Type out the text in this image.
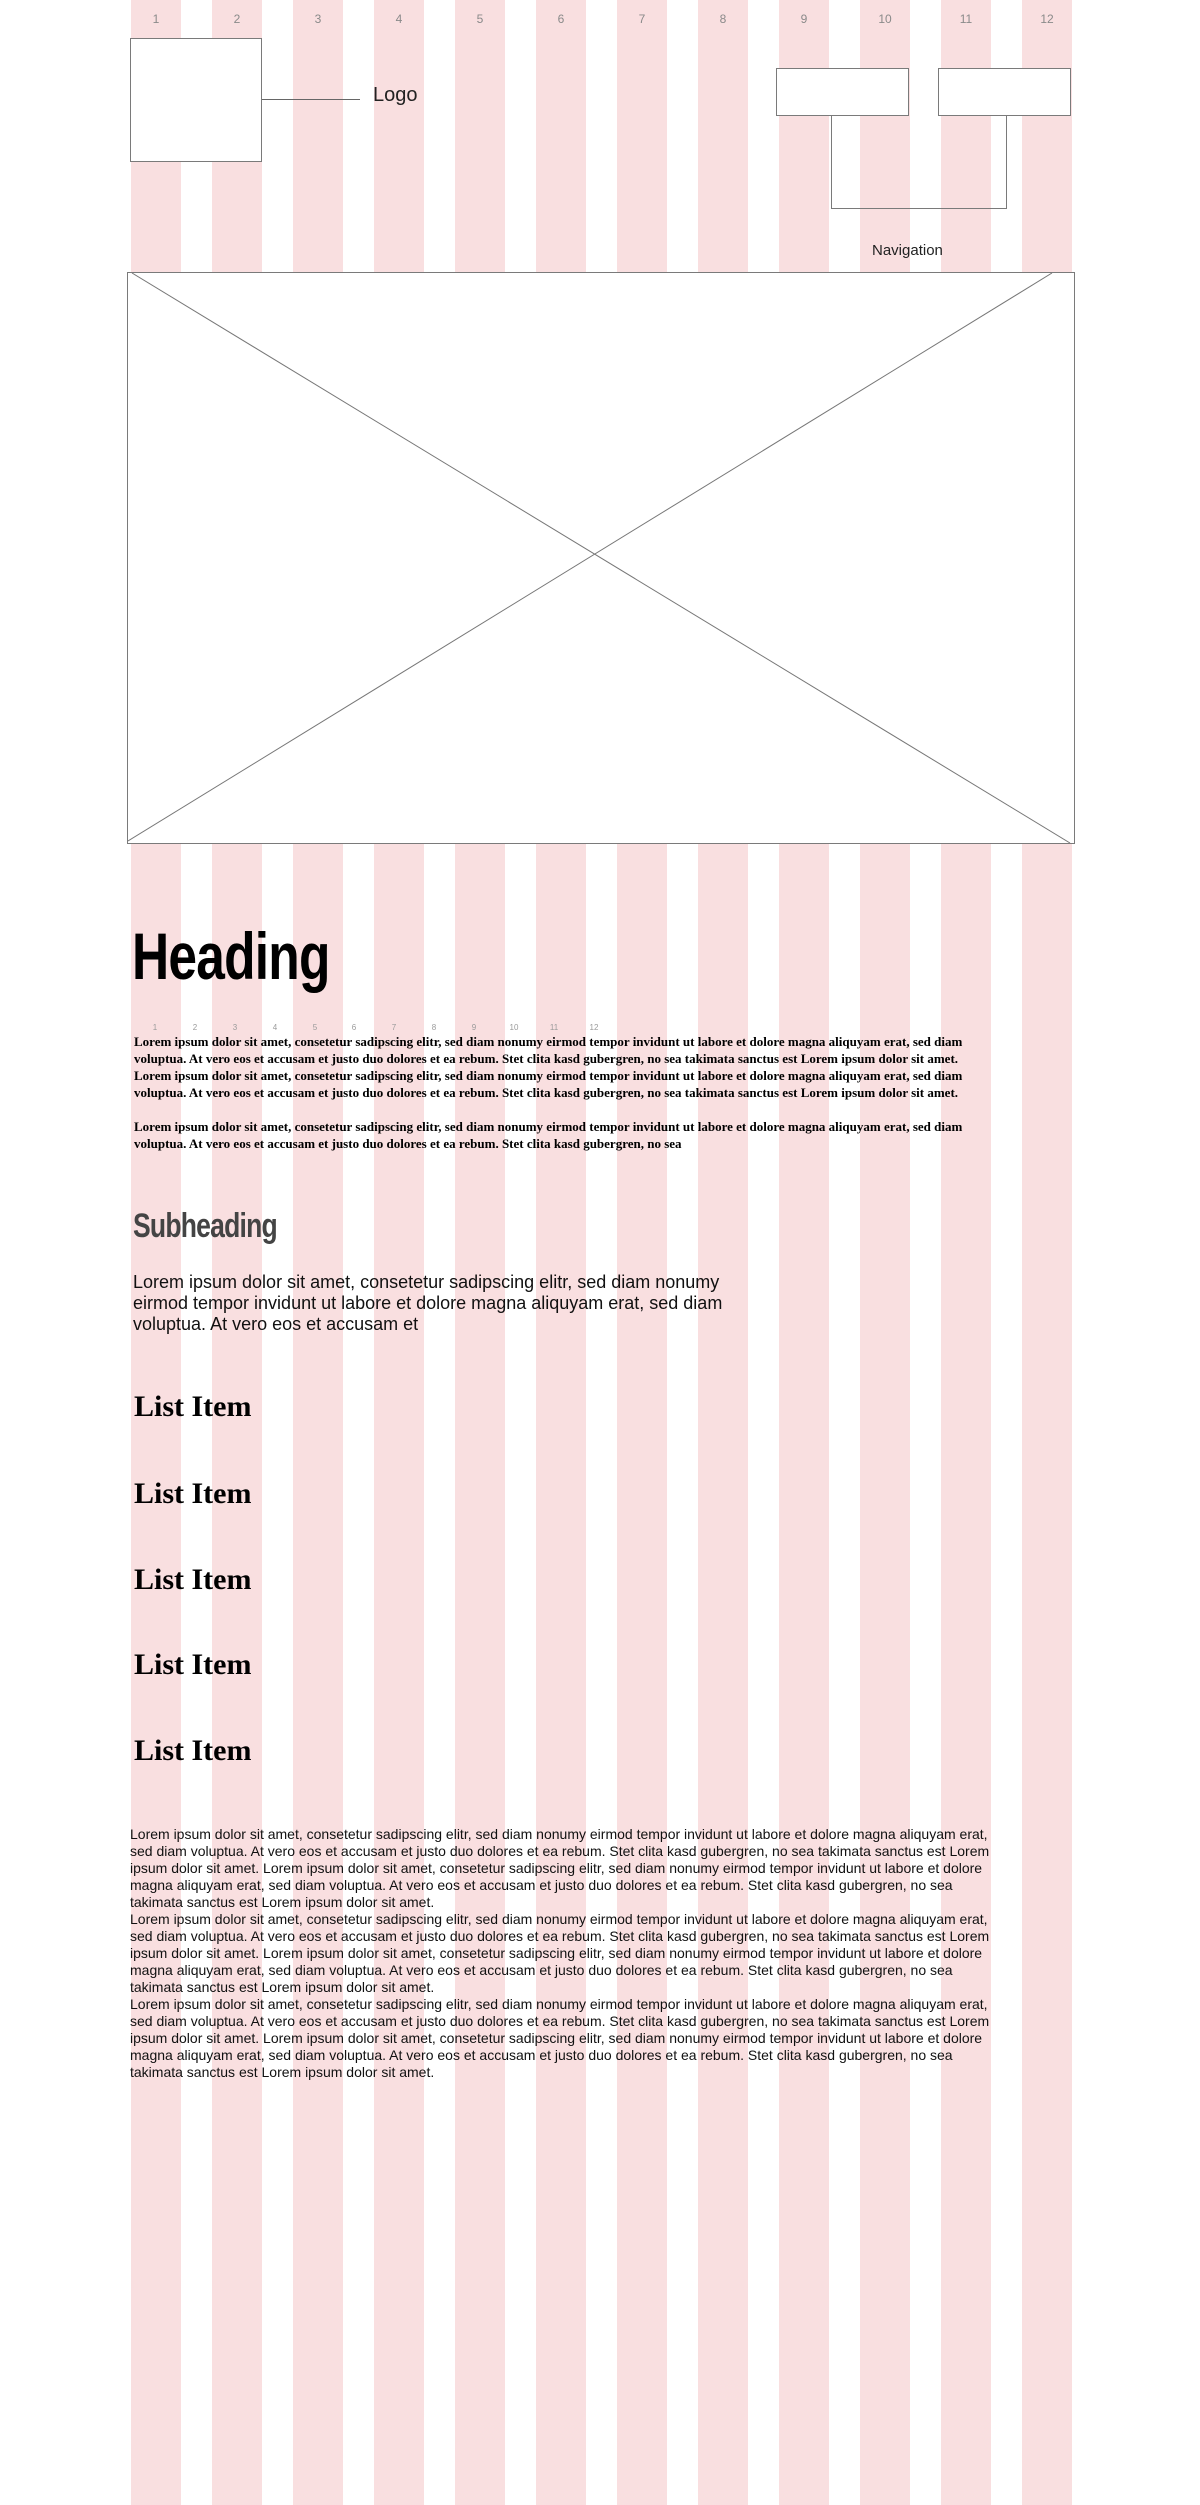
1	2	3	4	5	6	7	8	9	10	11	12
Logo
Navigation
Heading
1	2	3	4	5	6	7	8	9	10	11	12
Lorem ipsum dolor sit amet, consetetur sadipscing elitr, sed diam nonumy eirmod tempor invidunt ut labore et dolore magna aliquyam erat, sed diam voluptua. At vero eos et accusam et justo duo dolores et ea rebum. Stet clita kasd gubergren, no sea takimata sanctus est Lorem ipsum dolor sit amet. Lorem ipsum dolor sit amet, consetetur sadipscing elitr, sed diam nonumy eirmod tempor invidunt ut labore et dolore magna aliquyam erat, sed diam voluptua. At vero eos et accusam et justo duo dolores et ea rebum. Stet clita kasd gubergren, no sea takimata sanctus est Lorem ipsum dolor sit amet.
Lorem ipsum dolor sit amet, consetetur sadipscing elitr, sed diam nonumy eirmod tempor invidunt ut labore et dolore magna aliquyam erat, sed diam voluptua. At vero eos et accusam et justo duo dolores et ea rebum. Stet clita kasd gubergren, no sea
Subheading
Lorem ipsum dolor sit amet, consetetur sadipscing elitr, sed diam nonumy eirmod tempor invidunt ut labore et dolore magna aliquyam erat, sed diam voluptua. At vero eos et accusam et
List Item
List Item
List Item
List Item
List Item
Lorem ipsum dolor sit amet, consetetur sadipscing elitr, sed diam nonumy eirmod tempor invidunt ut labore et dolore magna aliquyam erat, sed diam voluptua. At vero eos et accusam et justo duo dolores et ea rebum. Stet clita kasd gubergren, no sea takimata sanctus est Lorem ipsum dolor sit amet. Lorem ipsum dolor sit amet, consetetur sadipscing elitr, sed diam nonumy eirmod tempor invidunt ut labore et dolore magna aliquyam erat, sed diam voluptua. At vero eos et accusam et justo duo dolores et ea rebum. Stet clita kasd gubergren, no sea takimata sanctus est Lorem ipsum dolor sit amet.
Lorem ipsum dolor sit amet, consetetur sadipscing elitr, sed diam nonumy eirmod tempor invidunt ut labore et dolore magna aliquyam erat, sed diam voluptua. At vero eos et accusam et justo duo dolores et ea rebum. Stet clita kasd gubergren, no sea takimata sanctus est Lorem ipsum dolor sit amet. Lorem ipsum dolor sit amet, consetetur sadipscing elitr, sed diam nonumy eirmod tempor invidunt ut labore et dolore magna aliquyam erat, sed diam voluptua. At vero eos et accusam et justo duo dolores et ea rebum. Stet clita kasd gubergren, no sea takimata sanctus est Lorem ipsum dolor sit amet.
Lorem ipsum dolor sit amet, consetetur sadipscing elitr, sed diam nonumy eirmod tempor invidunt ut labore et dolore magna aliquyam erat, sed diam voluptua. At vero eos et accusam et justo duo dolores et ea rebum. Stet clita kasd gubergren, no sea takimata sanctus est Lorem ipsum dolor sit amet. Lorem ipsum dolor sit amet, consetetur sadipscing elitr, sed diam nonumy eirmod tempor invidunt ut labore et dolore magna aliquyam erat, sed diam voluptua. At vero eos et accusam et justo duo dolores et ea rebum. Stet clita kasd gubergren, no sea takimata sanctus est Lorem ipsum dolor sit amet.
